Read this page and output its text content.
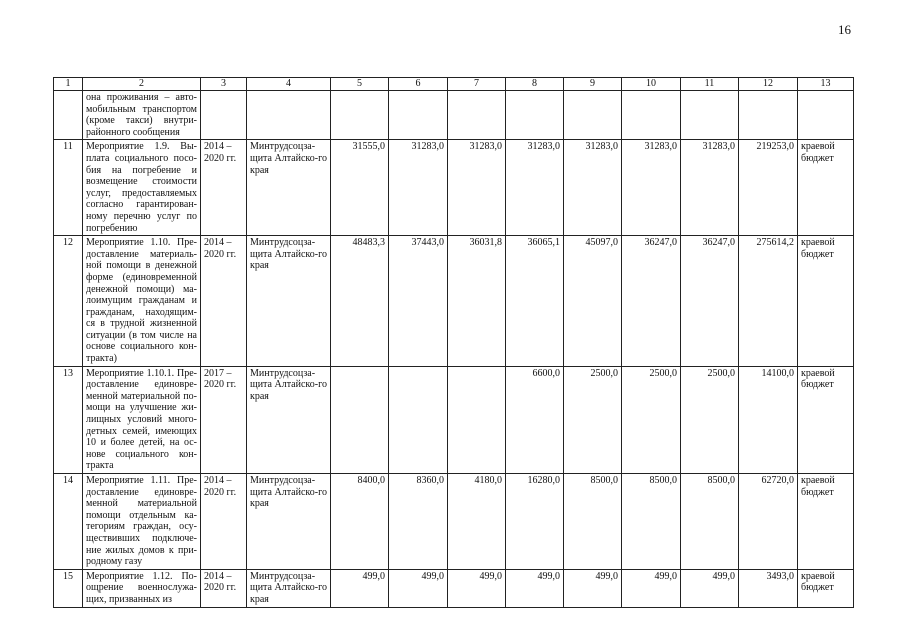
16
1	2	3	4	5	6	7	8	9	10	11	12	13
	она проживания – авто-мобильным транспортом (кроме такси) внутри-районного сообщения											
11	Мероприятие 1.9. Вы-плата социального посо-бия на погребение и возмещение стоимости услуг, предоставляемых согласно гарантирован-ному перечню услуг по погребению	2014 – 2020 гг.	Минтрудсоцза-щита Алтайско-го края	31555,0	31283,0	31283,0	31283,0	31283,0	31283,0	31283,0	219253,0	краевой бюджет
12	Мероприятие 1.10. Пре-доставление материаль-ной помощи в денежной форме (единовременной денежной помощи) ма-лоимущим гражданам и гражданам, находящим-ся в трудной жизненной ситуации (в том числе на основе социального кон-тракта)	2014 – 2020 гг.	Минтрудсоцза-щита Алтайско-го края	48483,3	37443,0	36031,8	36065,1	45097,0	36247,0	36247,0	275614,2	краевой бюджет
13	Мероприятие 1.10.1. Пре-доставление единовре-менной материальной по-мощи на улучшение жи-лищных условий много-детных семей, имеющих 10 и более детей, на ос-нове социального кон-тракта	2017 – 2020 гг.	Минтрудсоцза-щита Алтайско-го края				6600,0	2500,0	2500,0	2500,0	14100,0	краевой бюджет
14	Мероприятие 1.11. Пре-доставление единовре-менной материальной помощи отдельным ка-тегориям граждан, осу-ществивших подключе-ние жилых домов к при-родному газу	2014 – 2020 гг.	Минтрудсоцза-щита Алтайско-го края	8400,0	8360,0	4180,0	16280,0	8500,0	8500,0	8500,0	62720,0	краевой бюджет
15	Мероприятие 1.12. По-ощрение военнослужа-щих, призванных из	2014 – 2020 гг.	Минтрудсоцза-щита Алтайско-го края	499,0	499,0	499,0	499,0	499,0	499,0	499,0	3493,0	краевой бюджет
